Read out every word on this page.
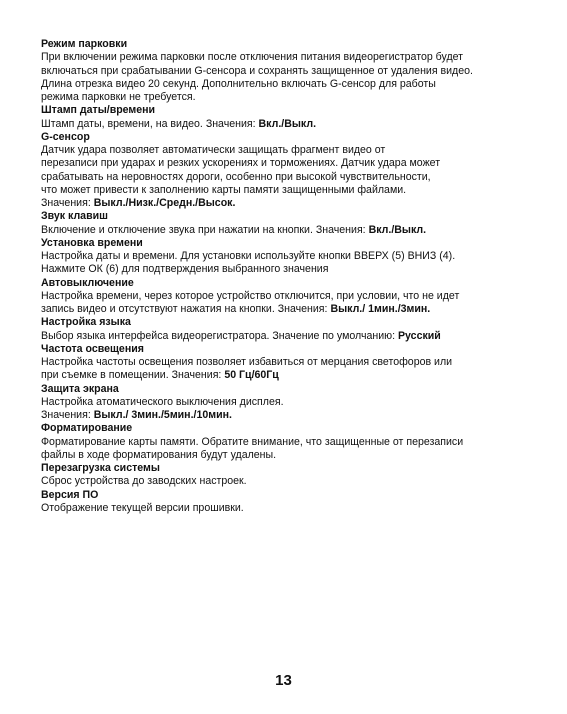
Режим парковки
При включении режима парковки после отключения питания видеорегистратор будет
включаться при срабатывании G-сенсора и сохранять защищенное от удаления видео.
Длина отрезка видео 20 секунд. Дополнительно включать G-сенсор для работы
режима парковки не требуется.
Штамп даты/времени
Штамп даты, времени, на видео. Значения: Вкл./Выкл.
G-сенсор
Датчик удара позволяет автоматически защищать фрагмент видео от
перезаписи при ударах и резких ускорениях и торможениях. Датчик удара может
срабатывать на неровностях дороги, особенно при высокой чувствительности,
что может привести к заполнению карты памяти защищенными файлами.
Значения: Выкл./Низк./Средн./Высок.
Звук клавиш
Включение и отключение звука при нажатии на кнопки. Значения: Вкл./Выкл.
Установка времени
Настройка даты и времени. Для установки используйте кнопки ВВЕРХ (5) ВНИЗ (4).
Нажмите ОК (6) для подтверждения выбранного значения
Автовыключение
Настройка времени, через которое устройство отключится, при условии, что не идет
запись видео и отсутствуют нажатия на кнопки. Значения: Выкл./ 1мин./3мин.
Настройка языка
Выбор языка интерфейса видеорегистратора. Значение по умолчанию: Русский
Частота освещения
Настройка частоты освещения позволяет избавиться от мерцания светофоров или
при съемке в помещении. Значения: 50 Гц/60Гц
Защита экрана
Настройка атоматического выключения дисплея.
Значения: Выкл./ 3мин./5мин./10мин.
Форматирование
Форматирование карты памяти. Обратите внимание, что защищенные от перезаписи
файлы в ходе форматирования будут удалены.
Перезагрузка системы
Сброс устройства до заводских настроек.
Версия ПО
Отображение текущей версии прошивки.
13
